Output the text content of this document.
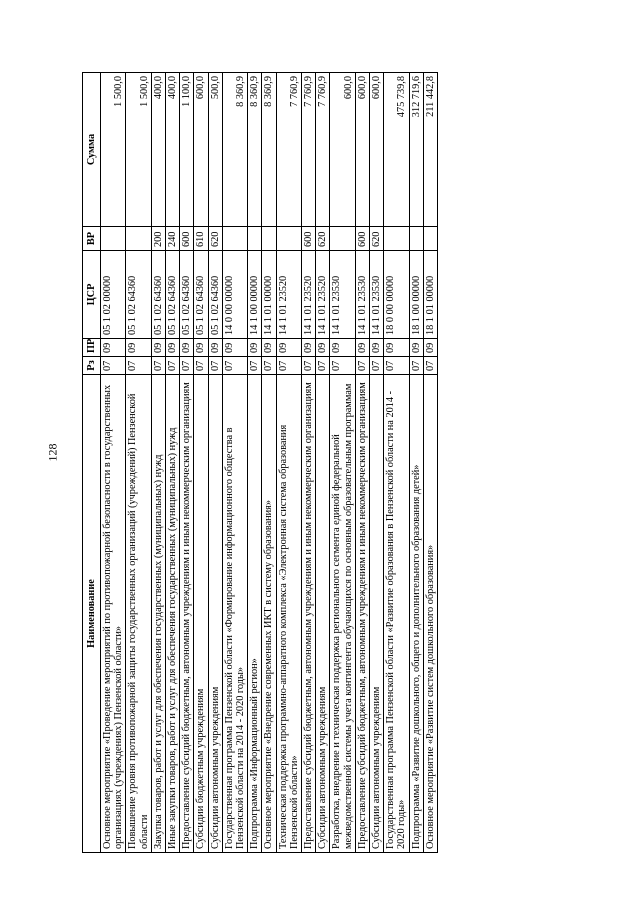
128
Наименование	Рз	ПР	ЦСР	ВР	Сумма
Основное мероприятие «Проведение мероприятий по противопожарной безопасности в государственных организациях (учреждениях) Пензенской области»	07	09	05 1 02 00000		1 500,0
Повышение уровня противопожарной защиты государственных организаций (учреждений) Пензенской области	07	09	05 1 02 64360		1 500,0
Закупка товаров, работ и услуг для обеспечения государственных (муниципальных) нужд	07	09	05 1 02 64360	200	400,0
Иные закупки товаров, работ и услуг для обеспечения государственных (муниципальных) нужд	07	09	05 1 02 64360	240	400,0
Предоставление субсидий бюджетным, автономным учреждениям и иным некоммерческим организациям	07	09	05 1 02 64360	600	1 100,0
Субсидии бюджетным учреждениям	07	09	05 1 02 64360	610	600,0
Субсидии автономным учреждениям	07	09	05 1 02 64360	620	500,0
Государственная программа Пензенской области «Формирование информационного общества в Пензенской области на 2014 - 2020 годы»	07	09	14 0 00 00000		8 360,9
Подпрограмма «Информационный регион»	07	09	14 1 00 00000		8 360,9
Основное мероприятие «Внедрение современных ИКТ в систему образования»	07	09	14 1 01 00000		8 360,9
Техническая поддержка программно-аппаратного комплекса «Электронная система образования Пензенской области»	07	09	14 1 01 23520		7 760,9
Предоставление субсидий бюджетным, автономным учреждениям и иным некоммерческим организациям	07	09	14 1 01 23520	600	7 760,9
Субсидии автономным учреждениям	07	09	14 1 01 23520	620	7 760,9
Разработка, внедрение и техническая поддержка регионального сегмента единой федеральной межведомственной системы учета контингента обучающихся по основным образовательным программам	07	09	14 1 01 23530		600,0
Предоставление субсидий бюджетным, автономным учреждениям и иным некоммерческим организациям	07	09	14 1 01 23530	600	600,0
Субсидии автономным учреждениям	07	09	14 1 01 23530	620	600,0
Государственная программа Пензенской области «Развитие образования в Пензенской области на 2014 - 2020 годы»	07	09	18 0 00 00000		475 739,8
Подпрограмма «Развитие дошкольного, общего и дополнительного образования детей»	07	09	18 1 00 00000		312 719,6
Основное мероприятие «Развитие систем дошкольного образования»	07	09	18 1 01 00000		211 442,8
